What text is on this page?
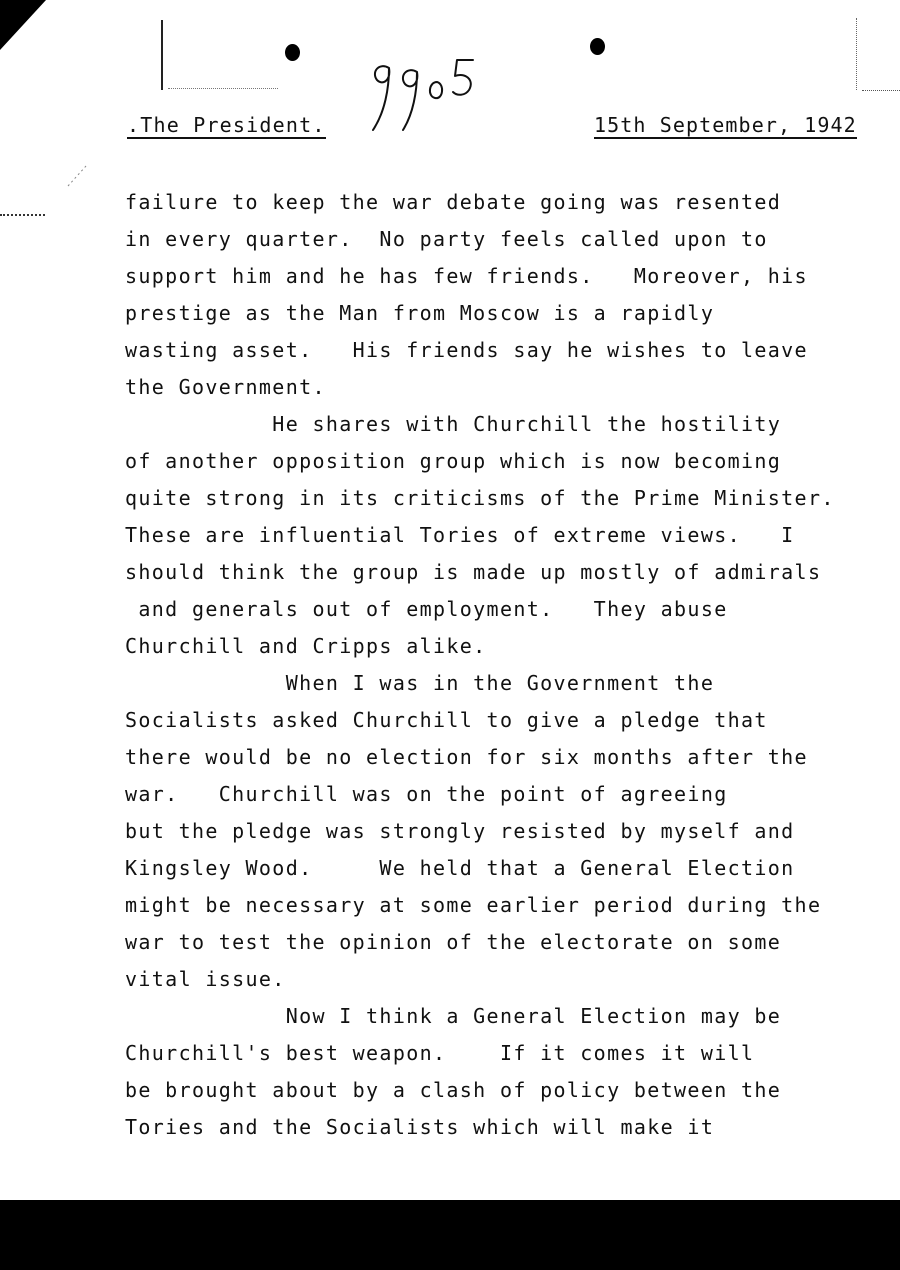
.The President.	15th September, 1942
failure to keep the war debate going was resented
in every quarter.  No party feels called upon to
support him and he has few friends.   Moreover, his
prestige as the Man from Moscow is a rapidly
wasting asset.   His friends say he wishes to leave
the Government.
He shares with Churchill the hostility
of another opposition group which is now becoming
quite strong in its criticisms of the Prime Minister.
These are influential Tories of extreme views.   I
should think the group is made up mostly of admirals
and generals out of employment.   They abuse
Churchill and Cripps alike.
When I was in the Government the
Socialists asked Churchill to give a pledge that
there would be no election for six months after the
war.   Churchill was on the point of agreeing
but the pledge was strongly resisted by myself and
Kingsley Wood.     We held that a General Election
might be necessary at some earlier period during the
war to test the opinion of the electorate on some
vital issue.
Now I think a General Election may be
Churchill's best weapon.    If it comes it will
be brought about by a clash of policy between the
Tories and the Socialists which will make it
